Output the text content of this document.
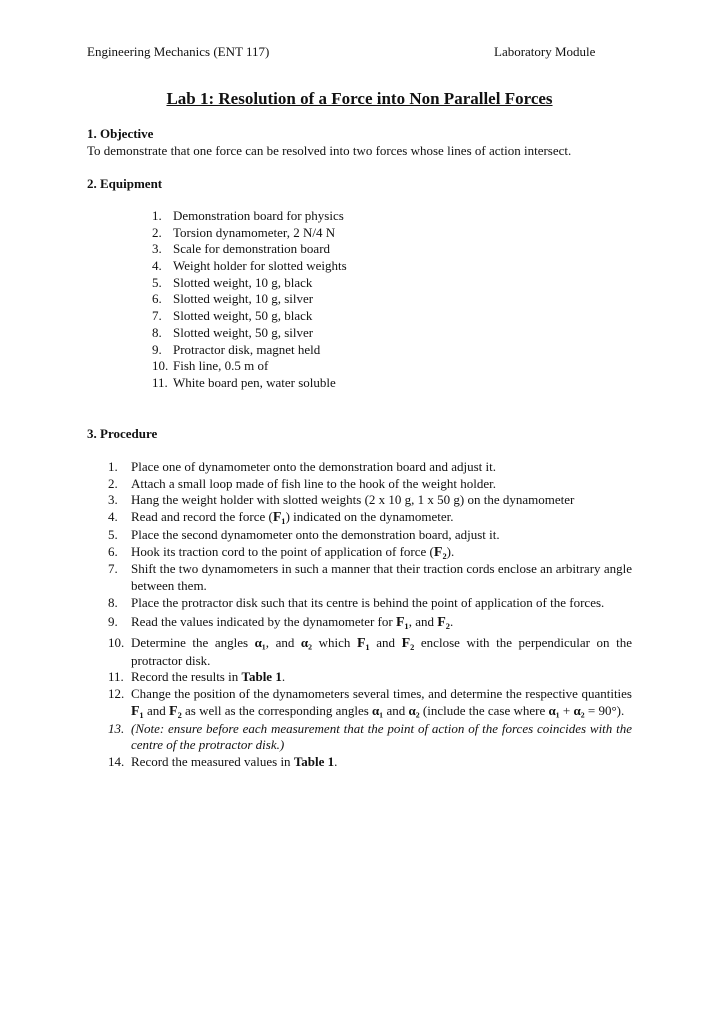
Engineering Mechanics (ENT 117)	Laboratory Module
Lab 1: Resolution of a Force into Non Parallel Forces
1. Objective
To demonstrate that one force can be resolved into two forces whose lines of action intersect.
2. Equipment
1. Demonstration board for physics
2. Torsion dynamometer, 2 N/4 N
3. Scale for demonstration board
4. Weight holder for slotted weights
5. Slotted weight, 10 g, black
6. Slotted weight, 10 g, silver
7. Slotted weight, 50 g, black
8. Slotted weight, 50 g, silver
9. Protractor disk, magnet held
10. Fish line, 0.5 m of
11. White board pen, water soluble
3. Procedure
1. Place one of dynamometer onto the demonstration board and adjust it.
2. Attach a small loop made of fish line to the hook of the weight holder.
3. Hang the weight holder with slotted weights (2 x 10 g, 1 x 50 g) on the dynamometer
4. Read and record the force (F₁) indicated on the dynamometer.
5. Place the second dynamometer onto the demonstration board, adjust it.
6. Hook its traction cord to the point of application of force (F₂).
7. Shift the two dynamometers in such a manner that their traction cords enclose an arbitrary angle between them.
8. Place the protractor disk such that its centre is behind the point of application of the forces.
9. Read the values indicated by the dynamometer for F₁, and F₂.
10. Determine the angles α₁, and α₂ which F₁ and F₂ enclose with the perpendicular on the protractor disk.
11. Record the results in Table 1.
12. Change the position of the dynamometers several times, and determine the respective quantities F₁ and F₂ as well as the corresponding angles α₁ and α₂ (include the case where α₁ + α₂ = 90°).
13. (Note: ensure before each measurement that the point of action of the forces coincides with the centre of the protractor disk.)
14. Record the measured values in Table 1.
